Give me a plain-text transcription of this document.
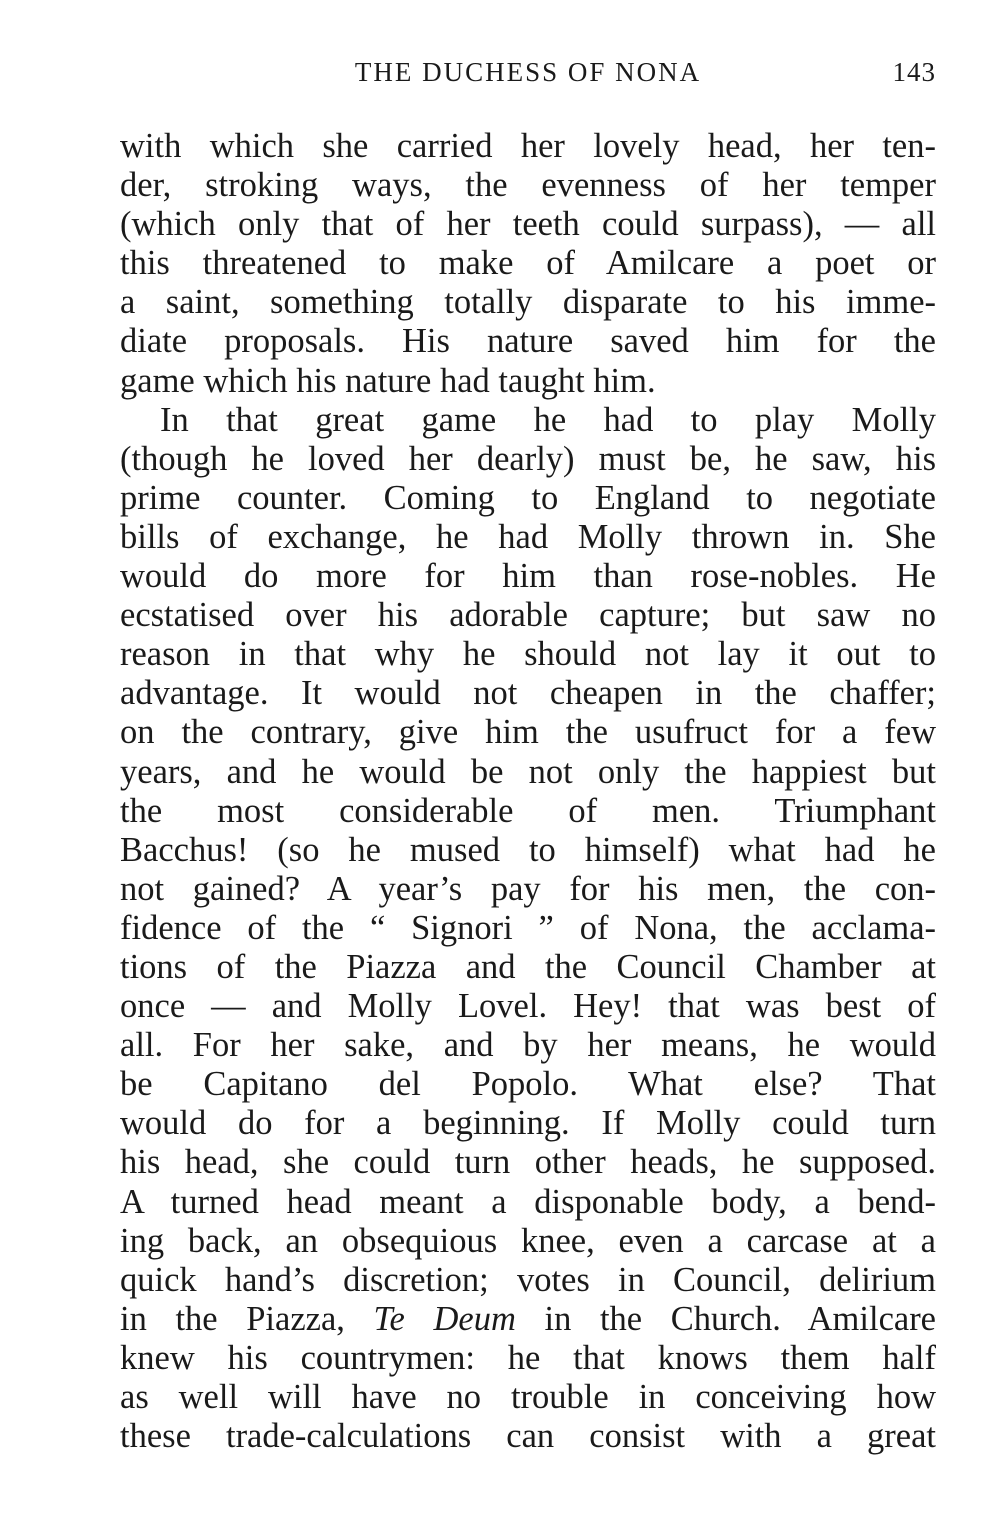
THE DUCHESS OF NONA	143
with which she carried her lovely head, her ten-
der, stroking ways, the evenness of her temper
(which only that of her teeth could surpass), — all
this threatened to make of Amilcare a poet or
a saint, something totally disparate to his imme-
diate proposals. His nature saved him for the
game which his nature had taught him.
In that great game he had to play Molly
(though he loved her dearly) must be, he saw, his
prime counter. Coming to England to negotiate
bills of exchange, he had Molly thrown in. She
would do more for him than rose-nobles. He
ecstatised over his adorable capture; but saw no
reason in that why he should not lay it out to
advantage. It would not cheapen in the chaffer;
on the contrary, give him the usufruct for a few
years, and he would be not only the happiest but
the most considerable of men. Triumphant
Bacchus! (so he mused to himself) what had he
not gained? A year’s pay for his men, the con-
fidence of the “ Signori ” of Nona, the acclama-
tions of the Piazza and the Council Chamber at
once — and Molly Lovel. Hey! that was best of
all. For her sake, and by her means, he would
be Capitano del Popolo. What else? That
would do for a beginning. If Molly could turn
his head, she could turn other heads, he supposed.
A turned head meant a disponable body, a bend-
ing back, an obsequious knee, even a carcase at a
quick hand’s discretion; votes in Council, delirium
in the Piazza, Te Deum in the Church. Amilcare
knew his countrymen: he that knows them half
as well will have no trouble in conceiving how
these trade-calculations can consist with a great
